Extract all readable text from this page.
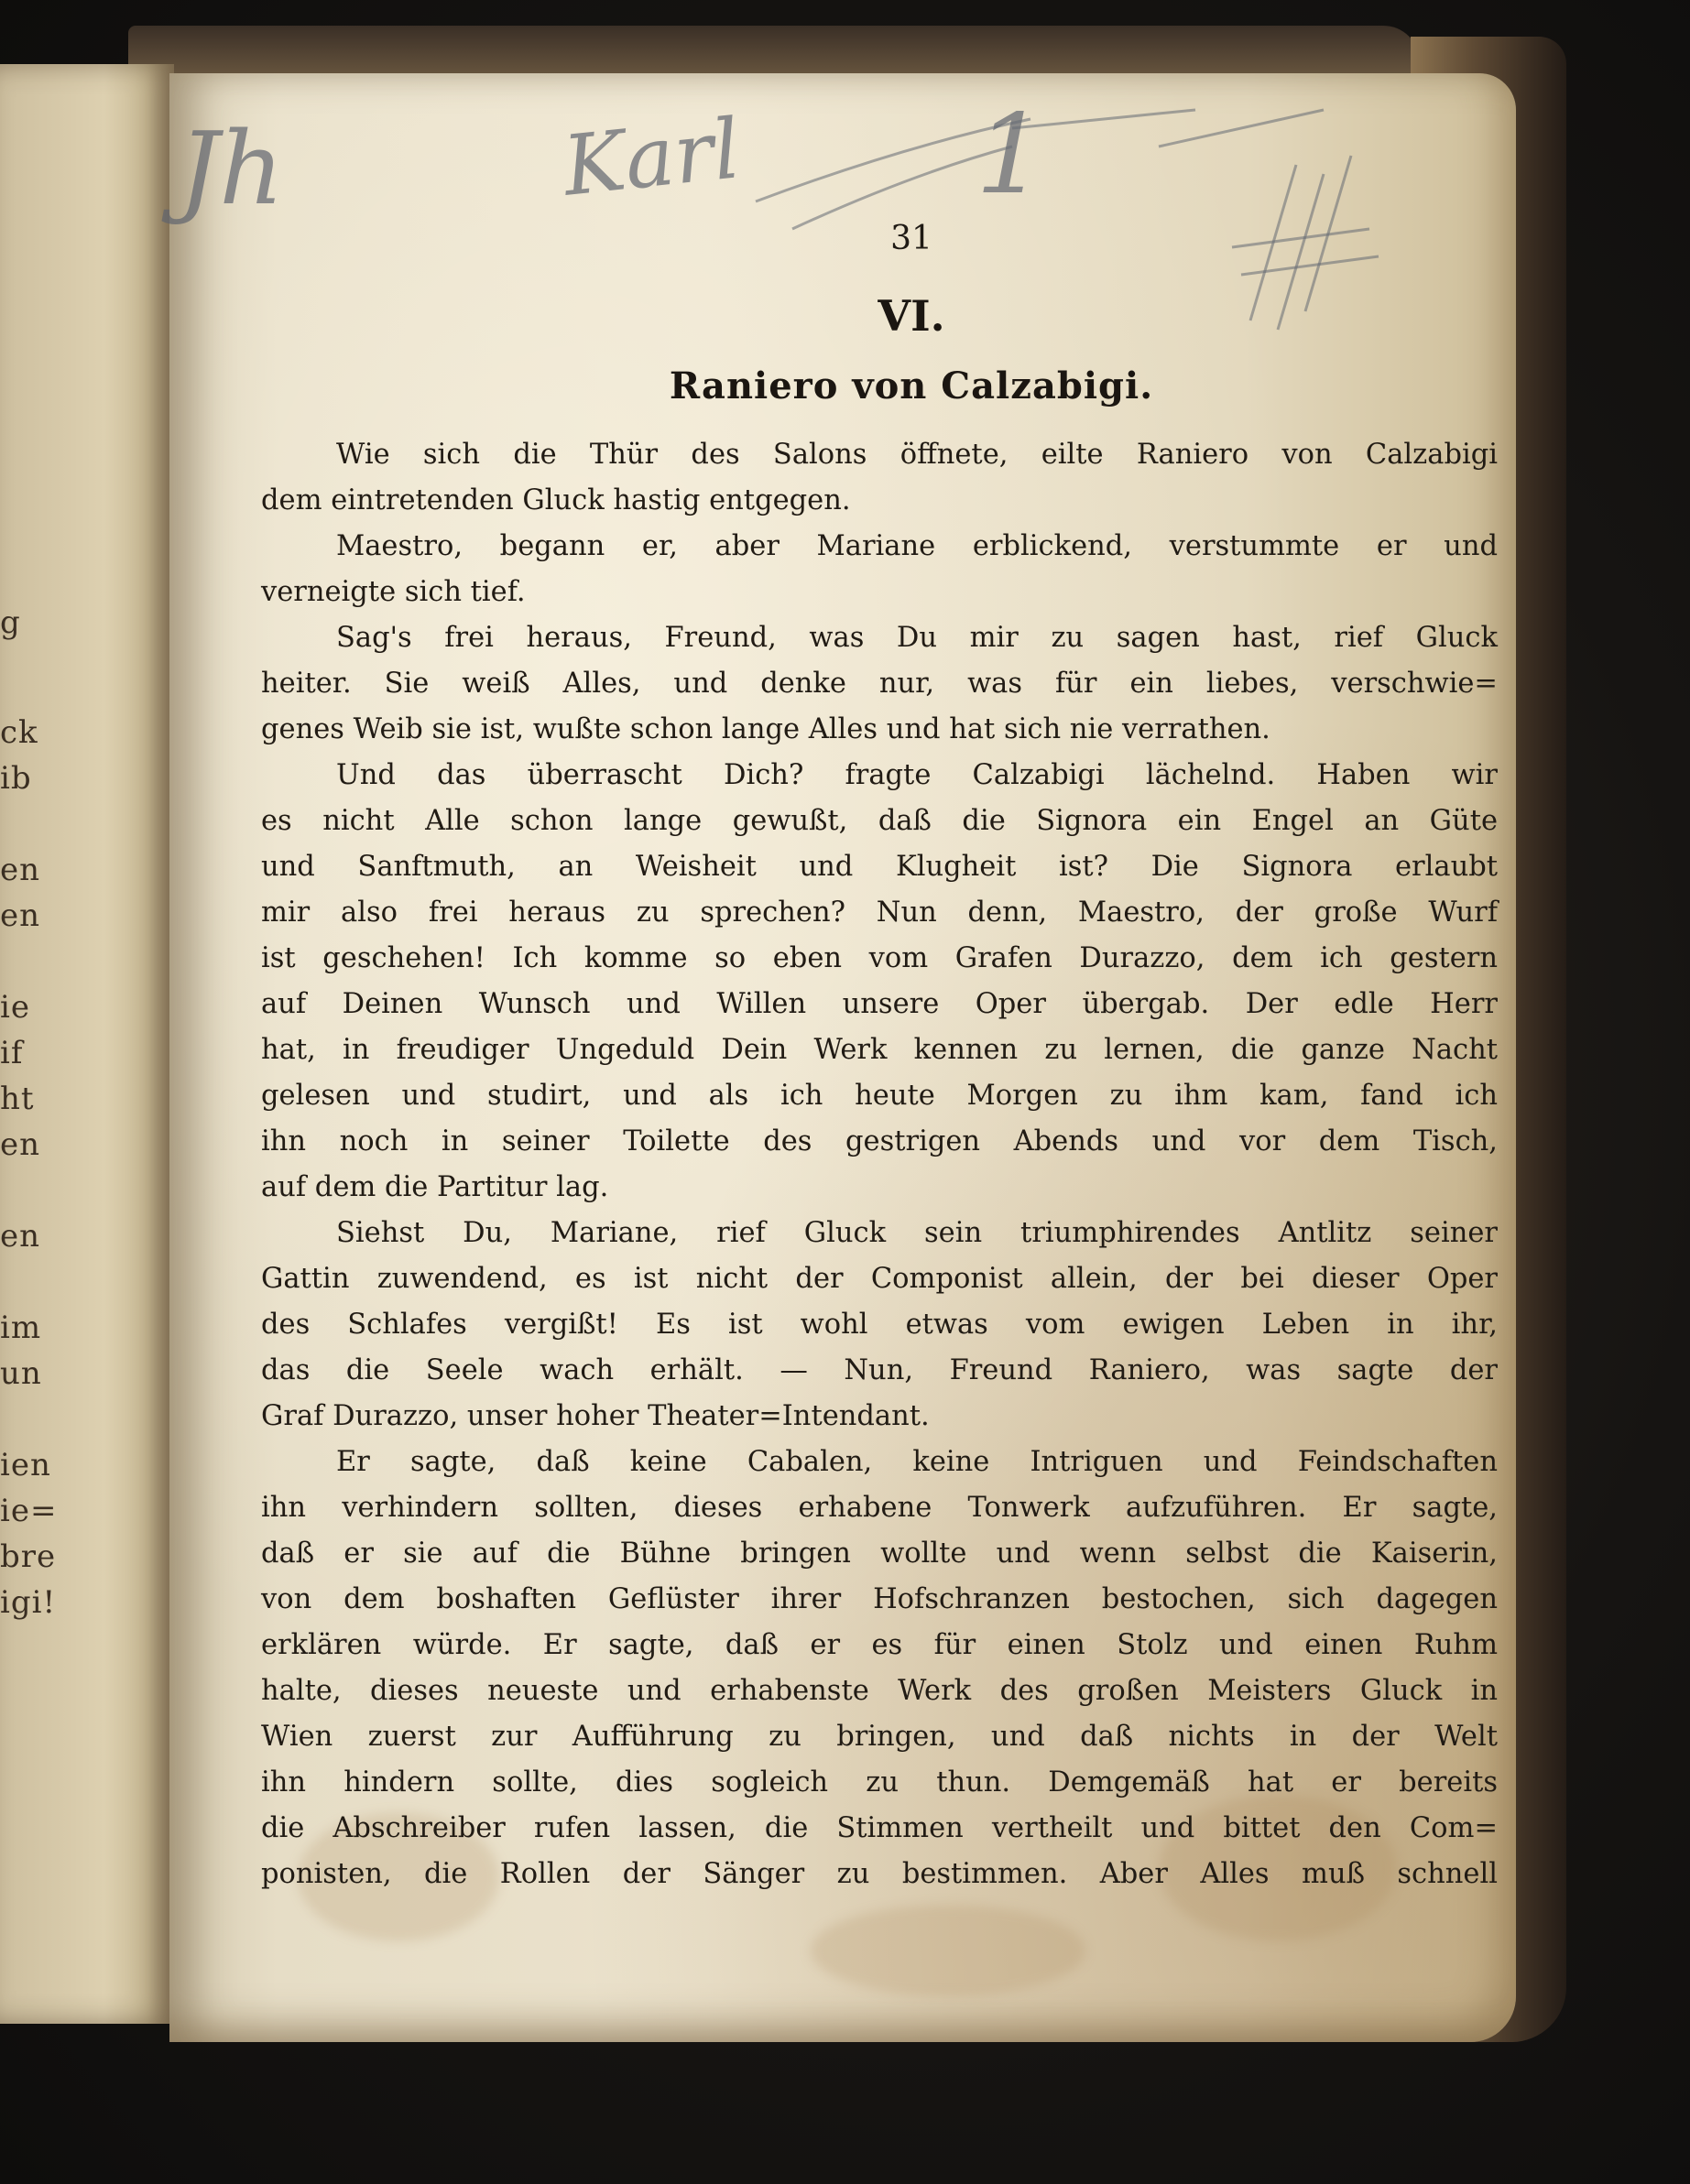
g
ck
ib
en
en
ie
if
ht
en
en
im
un
ien
ie=
bre
igi!
Jh	Karl 1
31
VI.
Raniero von Calzabigi.
Wie sich die Thür des Salons öffnete, eilte Raniero von Calzabigi
dem eintretenden Gluck hastig entgegen.
Maestro, begann er, aber Mariane erblickend, verstummte er und
verneigte sich tief.
Sag's frei heraus, Freund, was Du mir zu sagen hast, rief Gluck
heiter. Sie weiß Alles, und denke nur, was für ein liebes, verschwie=
genes Weib sie ist, wußte schon lange Alles und hat sich nie verrathen.
Und das überrascht Dich? fragte Calzabigi lächelnd. Haben wir
es nicht Alle schon lange gewußt, daß die Signora ein Engel an Güte
und Sanftmuth, an Weisheit und Klugheit ist? Die Signora erlaubt
mir also frei heraus zu sprechen? Nun denn, Maestro, der große Wurf
ist geschehen! Ich komme so eben vom Grafen Durazzo, dem ich gestern
auf Deinen Wunsch und Willen unsere Oper übergab. Der edle Herr
hat, in freudiger Ungeduld Dein Werk kennen zu lernen, die ganze Nacht
gelesen und studirt, und als ich heute Morgen zu ihm kam, fand ich
ihn noch in seiner Toilette des gestrigen Abends und vor dem Tisch,
auf dem die Partitur lag.
Siehst Du, Mariane, rief Gluck sein triumphirendes Antlitz seiner
Gattin zuwendend, es ist nicht der Componist allein, der bei dieser Oper
des Schlafes vergißt! Es ist wohl etwas vom ewigen Leben in ihr,
das die Seele wach erhält. — Nun, Freund Raniero, was sagte der
Graf Durazzo, unser hoher Theater=Intendant.
Er sagte, daß keine Cabalen, keine Intriguen und Feindschaften
ihn verhindern sollten, dieses erhabene Tonwerk aufzuführen. Er sagte,
daß er sie auf die Bühne bringen wollte und wenn selbst die Kaiserin,
von dem boshaften Geflüster ihrer Hofschranzen bestochen, sich dagegen
erklären würde. Er sagte, daß er es für einen Stolz und einen Ruhm
halte, dieses neueste und erhabenste Werk des großen Meisters Gluck in
Wien zuerst zur Aufführung zu bringen, und daß nichts in der Welt
ihn hindern sollte, dies sogleich zu thun. Demgemäß hat er bereits
die Abschreiber rufen lassen, die Stimmen vertheilt und bittet den Com=
ponisten, die Rollen der Sänger zu bestimmen. Aber Alles muß schnell
